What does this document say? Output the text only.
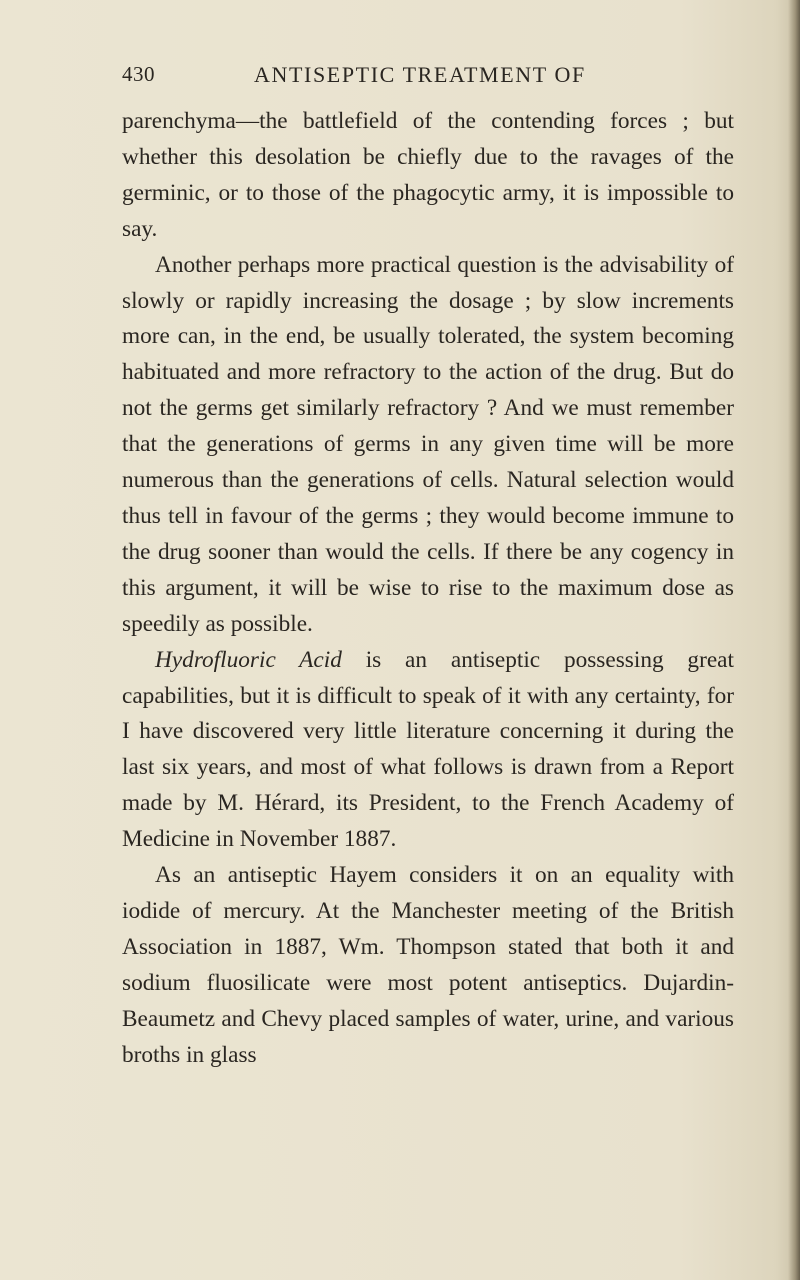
430	ANTISEPTIC TREATMENT OF

parenchyma—the battlefield of the contending forces ; but whether this desolation be chiefly due to the ravages of the germinic, or to those of the phagocytic army, it is impossible to say.

Another perhaps more practical question is the advisability of slowly or rapidly increasing the dosage ; by slow increments more can, in the end, be usually tolerated, the system becoming habituated and more refractory to the action of the drug. But do not the germs get similarly refractory ? And we must remember that the generations of germs in any given time will be more numerous than the generations of cells. Natural selection would thus tell in favour of the germs ; they would become immune to the drug sooner than would the cells. If there be any cogency in this argument, it will be wise to rise to the maximum dose as speedily as possible.

Hydrofluoric Acid is an antiseptic possessing great capabilities, but it is difficult to speak of it with any certainty, for I have discovered very little literature concerning it during the last six years, and most of what follows is drawn from a Report made by M. Hérard, its President, to the French Academy of Medicine in November 1887.

As an antiseptic Hayem considers it on an equality with iodide of mercury. At the Manchester meeting of the British Association in 1887, Wm. Thompson stated that both it and sodium fluosilicate were most potent antiseptics. Dujardin-Beaumetz and Chevy placed samples of water, urine, and various broths in glass
